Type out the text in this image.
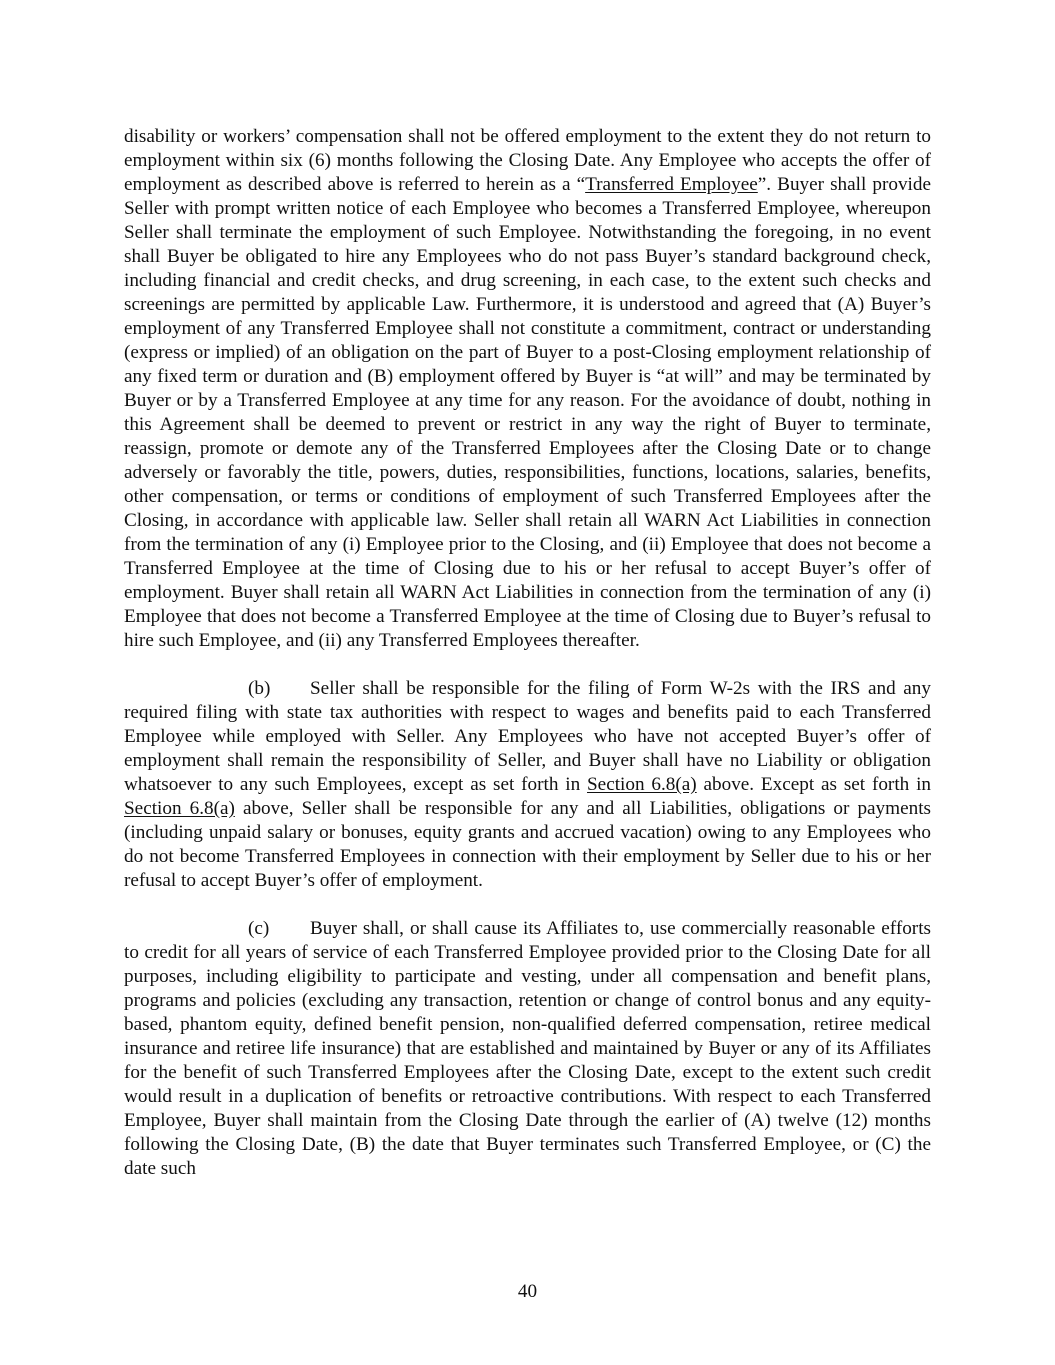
disability or workers’ compensation shall not be offered employment to the extent they do not return to employment within six (6) months following the Closing Date. Any Employee who accepts the offer of employment as described above is referred to herein as a “Transferred Employee”. Buyer shall provide Seller with prompt written notice of each Employee who becomes a Transferred Employee, whereupon Seller shall terminate the employment of such Employee. Notwithstanding the foregoing, in no event shall Buyer be obligated to hire any Employees who do not pass Buyer’s standard background check, including financial and credit checks, and drug screening, in each case, to the extent such checks and screenings are permitted by applicable Law. Furthermore, it is understood and agreed that (A) Buyer’s employment of any Transferred Employee shall not constitute a commitment, contract or understanding (express or implied) of an obligation on the part of Buyer to a post-Closing employment relationship of any fixed term or duration and (B) employment offered by Buyer is “at will” and may be terminated by Buyer or by a Transferred Employee at any time for any reason. For the avoidance of doubt, nothing in this Agreement shall be deemed to prevent or restrict in any way the right of Buyer to terminate, reassign, promote or demote any of the Transferred Employees after the Closing Date or to change adversely or favorably the title, powers, duties, responsibilities, functions, locations, salaries, benefits, other compensation, or terms or conditions of employment of such Transferred Employees after the Closing, in accordance with applicable law. Seller shall retain all WARN Act Liabilities in connection from the termination of any (i) Employee prior to the Closing, and (ii) Employee that does not become a Transferred Employee at the time of Closing due to his or her refusal to accept Buyer’s offer of employment. Buyer shall retain all WARN Act Liabilities in connection from the termination of any (i) Employee that does not become a Transferred Employee at the time of Closing due to Buyer’s refusal to hire such Employee, and (ii) any Transferred Employees thereafter.

(b) Seller shall be responsible for the filing of Form W-2s with the IRS and any required filing with state tax authorities with respect to wages and benefits paid to each Transferred Employee while employed with Seller. Any Employees who have not accepted Buyer’s offer of employment shall remain the responsibility of Seller, and Buyer shall have no Liability or obligation whatsoever to any such Employees, except as set forth in Section 6.8(a) above. Except as set forth in Section 6.8(a) above, Seller shall be responsible for any and all Liabilities, obligations or payments (including unpaid salary or bonuses, equity grants and accrued vacation) owing to any Employees who do not become Transferred Employees in connection with their employment by Seller due to his or her refusal to accept Buyer’s offer of employment.

(c) Buyer shall, or shall cause its Affiliates to, use commercially reasonable efforts to credit for all years of service of each Transferred Employee provided prior to the Closing Date for all purposes, including eligibility to participate and vesting, under all compensation and benefit plans, programs and policies (excluding any transaction, retention or change of control bonus and any equity-based, phantom equity, defined benefit pension, non-qualified deferred compensation, retiree medical insurance and retiree life insurance) that are established and maintained by Buyer or any of its Affiliates for the benefit of such Transferred Employees after the Closing Date, except to the extent such credit would result in a duplication of benefits or retroactive contributions. With respect to each Transferred Employee, Buyer shall maintain from the Closing Date through the earlier of (A) twelve (12) months following the Closing Date, (B) the date that Buyer terminates such Transferred Employee, or (C) the date such

40
